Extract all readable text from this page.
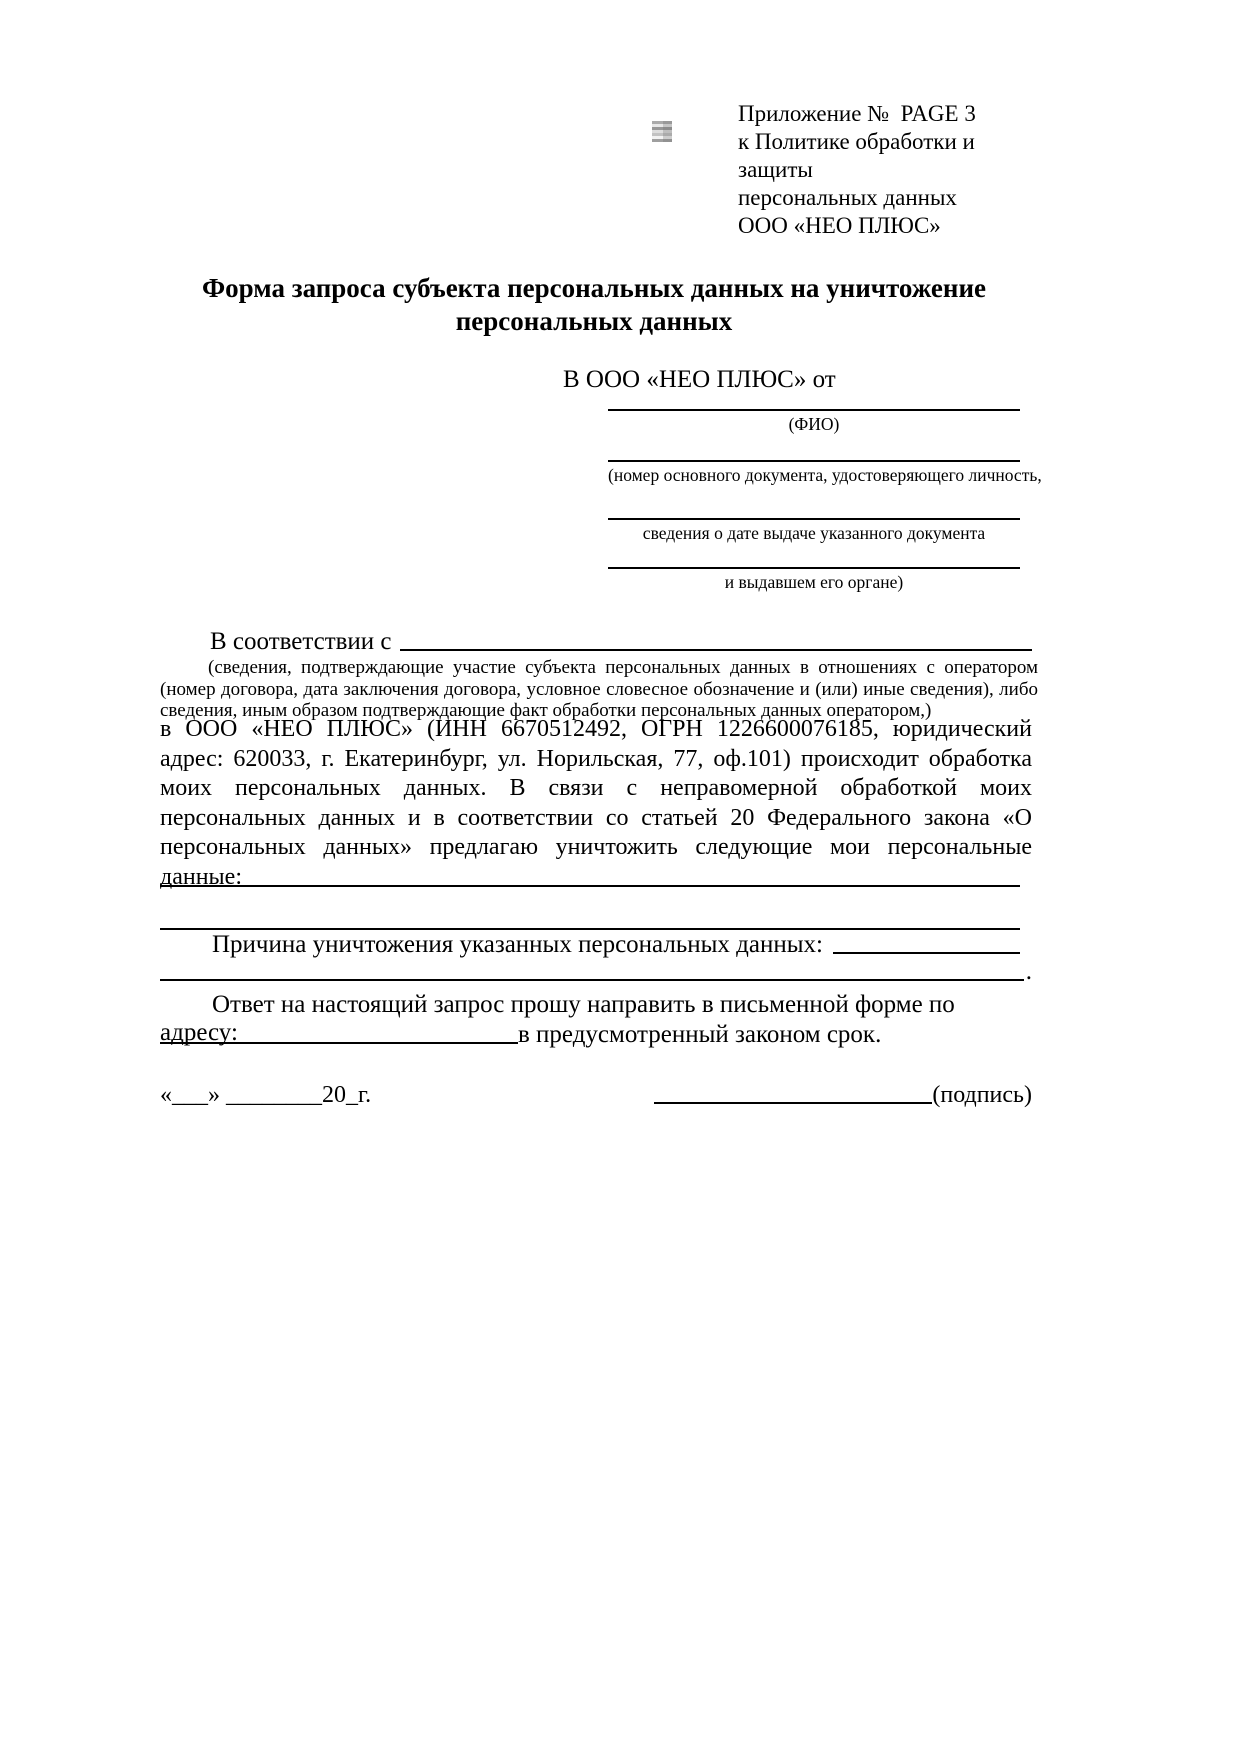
Приложение №  PAGE 3
к Политике обработки и защиты
персональных данных
ООО «НЕО ПЛЮС»
Форма запроса субъекта персональных данных на уничтожение
персональных данных
В ООО «НЕО ПЛЮС» от
(ФИО)
(номер основного документа, удостоверяющего личность,
сведения о дате выдаче указанного документа
и выдавшем его органе)
В соответствии с
(сведения, подтверждающие участие субъекта персональных данных в отношениях с оператором (номер договора, дата заключения договора, условное словесное обозначение и (или) иные сведения), либо сведения, иным образом подтверждающие факт обработки персональных данных оператором,)
в ООО «НЕО ПЛЮС» (ИНН 6670512492, ОГРН 1226600076185, юридический адрес: 620033, г. Екатеринбург, ул. Норильская, 77, оф.101) происходит обработка моих персональных данных. В связи с неправомерной обработкой моих персональных данных и в соответствии со статьей 20 Федерального закона «О персональных данных» предлагаю уничтожить следующие мои персональные данные:
Причина уничтожения указанных персональных данных:
.
Ответ на настоящий запрос прошу направить в письменной форме по адресу:	в предусмотренный законом срок.
«___» ________20_г.	(подпись)
